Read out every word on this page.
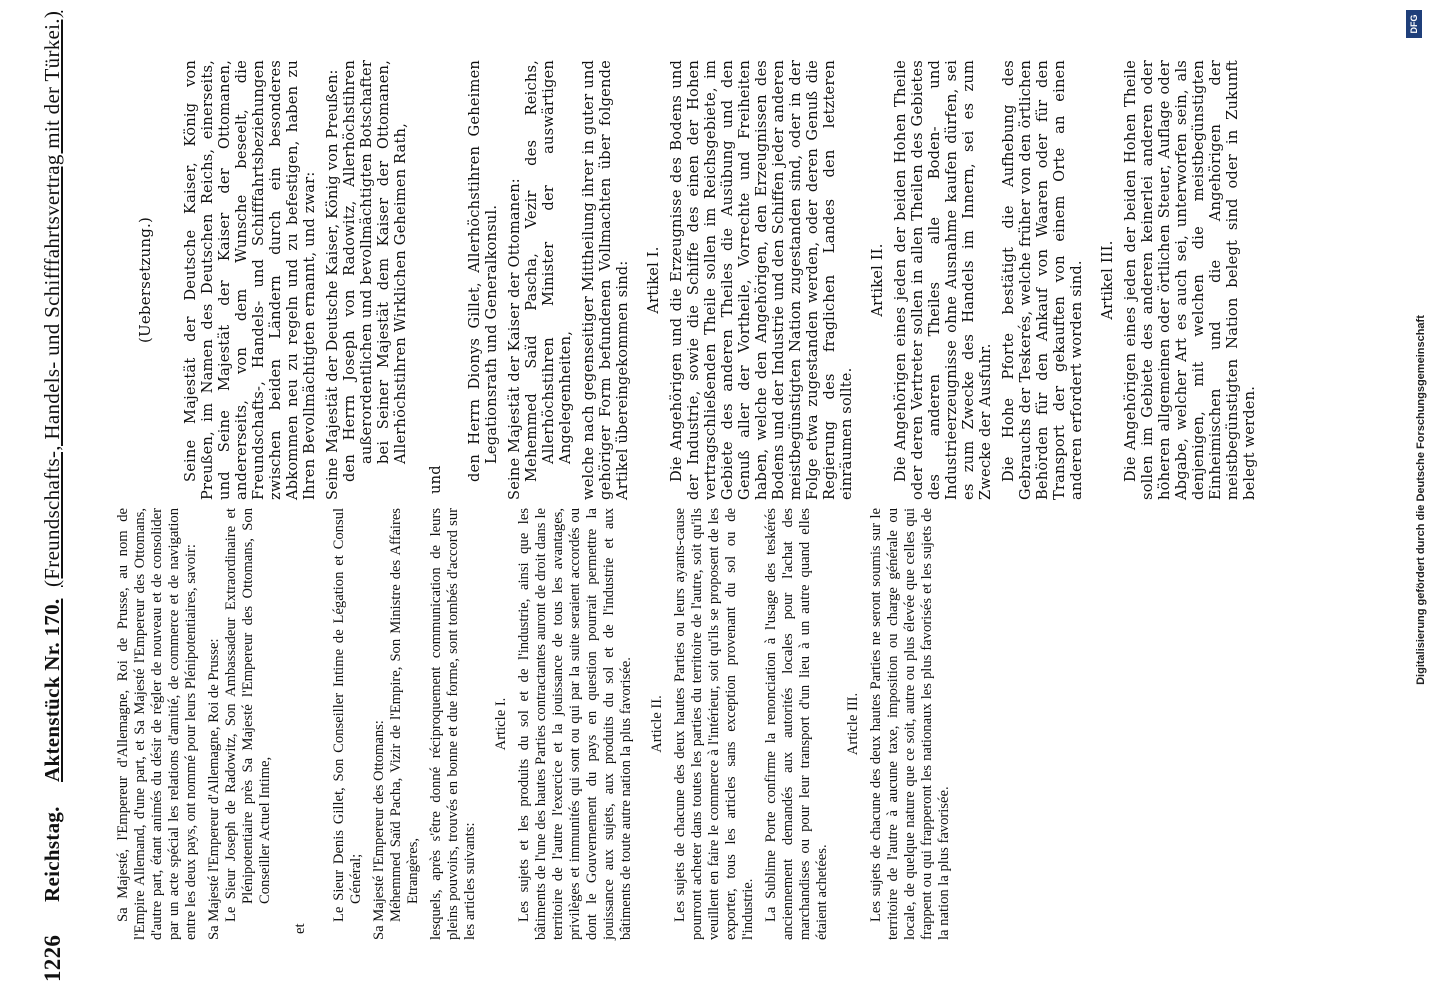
1226
Reichstag.
Aktenstück Nr. 170.
(Freundschafts-, Handels- und Schifffahrtsvertrag mit der Türkei.)

Sa Majesté, l'Empereur d'Allemagne, Roi de Prusse, au nom de l'Empire Allemand, d'une part, et Sa Majesté l'Empereur des Ottomans, d'autre part, étant animés du désir de régler de nouveau et de consolider par un acte spécial les relations d'amitié, de commerce et de navigation entre les deux pays, ont nommé pour leurs Plénipotentiaires, savoir: Sa Majesté l'Empereur d'Allemagne, Roi de Prusse: Le Sieur Joseph de Radowitz, Son Ambassadeur Extraordinaire et Plénipotentiaire près Sa Majesté l'Empereur des Ottomans, Son Conseiller Actuel Intime,

et

Le Sieur Denis Gillet, Son Conseiller Intime de Légation et Consul Général; Sa Majesté l'Empereur des Ottomans: Méhemmed Saïd Pacha, Vizir de l'Empire, Son Ministre des Affaires Etrangères, lesquels, après s'être donné réciproquement communication de leurs pleins pouvoirs, trouvés en bonne et due forme, sont tombés d'accord sur les articles suivants:

Article I. Les sujets et les produits du sol et de l'industrie, ainsi que les bâtiments de l'une des hautes Parties contractantes auront de droit dans le territoire de l'autre l'exercice et la jouissance de tous les avantages, privilèges et immunités qui sont ou qui par la suite seraient accordés ou dont le Gouvernement du pays en question pourrait permettre la jouissance aux sujets, aux produits du sol et de l'industrie et aux bâtiments de toute autre nation la plus favorisée. Article II. Les sujets de chacune des deux hautes Parties ou leurs ayants-cause pourront acheter dans toutes les parties du territoire de l'autre, soit qu'ils veuillent en faire le commerce à l'intérieur, soit qu'ils se proposent de les exporter, tous les articles sans exception provenant du sol ou de l'industrie. La Sublime Porte confirme la renonciation à l'usage des teskérés anciennement demandés aux autorités locales pour l'achat des marchandises ou pour leur transport d'un lieu à un autre quand elles étaient achetées.

Article III. Les sujets de chacune des deux hautes Parties ne seront soumis sur le territoire de l'autre à aucune taxe, imposition ou charge générale ou locale, de quelque nature que ce soit, autre ou plus élevée que celles qui frappent ou qui frapperont les nationaux les plus favorisés et les sujets de la nation la plus favorisée.

(Uebersetzung.) Seine Majestät der Deutsche Kaiser, König von Preußen, im Namen des Deutschen Reichs, einerseits, und Seine Majestät der Kaiser der Ottomanen, andererseits, von dem Wunsche beseelt, die Freundschafts-, Handels- und Schifffahrtsbeziehungen zwischen beiden Ländern durch ein besonderes Abkommen neu zu regeln und zu befestigen, haben zu Ihren Bevollmächtigten ernannt, und zwar: Seine Majestät der Deutsche Kaiser, König von Preußen: den Herrn Joseph von Radowitz, Allerhöchstihren außerordentlichen und bevollmächtigten Botschafter bei Seiner Majestät dem Kaiser der Ottomanen, Allerhöchstihren Wirklichen Geheimen Rath,

und den Herrn Dionys Gillet, Allerhöchstihren Geheimen Legationsrath und Generalkonsul. Seine Majestät der Kaiser der Ottomanen: Mehemmed Saïd Pascha, Vezir des Reichs, Allerhöchstihren Minister der auswärtigen Angelegenheiten, welche nach gegenseitiger Mittheilung ihrer in guter und gehöriger Form befundenen Vollmachten über folgende Artikel übereingekommen sind: Artikel I. Die Angehörigen und die Erzeugnisse des Bodens und der Industrie, sowie die Schiffe des einen der Hohen vertragschließenden Theile sollen im Reichsgebiete, im Gebiete des anderen Theiles die Ausübung und den Genuß aller der Vortheile, Vorrechte und Freiheiten haben, welche den Angehörigen, den Erzeugnissen des Bodens und der Industrie und den Schiffen jeder anderen meistbegünstigten Nation zugestanden sind, oder in der Folge etwa zugestanden werden, oder deren Genuß die Regierung des fraglichen Landes den letzteren einräumen sollte.

Artikel II. Die Angehörigen eines jeden der beiden Hohen Theile oder deren Vertreter sollen in allen Theilen des Gebietes des anderen Theiles alle Boden- und Industrieerzeugnisse ohne Ausnahme kaufen dürfen, sei es zum Zwecke des Handels im Innern, sei es zum Zwecke der Ausfuhr. Die Hohe Pforte bestätigt die Aufhebung des Gebrauchs der Teskerés, welche früher von den örtlichen Behörden für den Ankauf von Waaren oder für den Transport der gekauften von einem Orte an einen anderen erfordert worden sind. Artikel III. Die Angehörigen eines jeden der beiden Hohen Theile sollen im Gebiete des anderen keinerlei anderen oder höheren allgemeinen oder örtlichen Steuer, Auflage oder Abgabe, welcher Art es auch sei, unterworfen sein, als denjenigen, mit welchen die meistbegünstigten Einheimischen und die Angehörigen der meistbegünstigten Nation belegt sind oder in Zukunft belegt werden.	Digitalisierung gefördert durch die Deutsche Forschungsgemeinschaft
DFG
